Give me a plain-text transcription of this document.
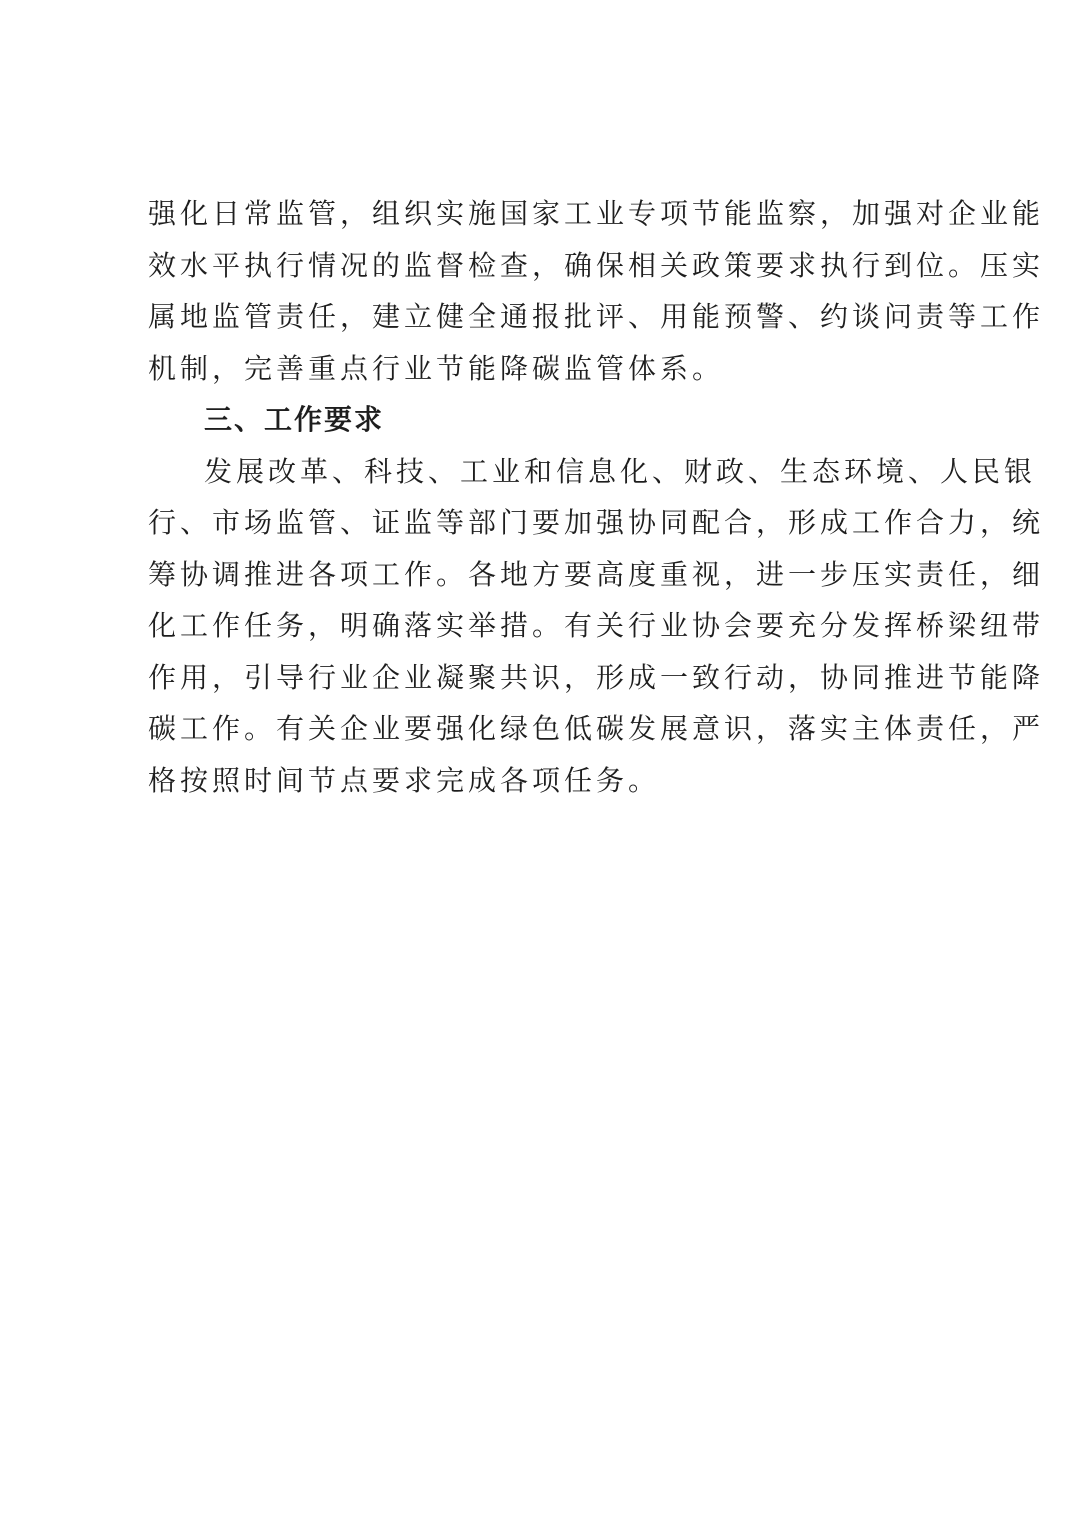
强化日常监管，组织实施国家工业专项节能监察，加强对企业能
效水平执行情况的监督检查，确保相关政策要求执行到位。压实
属地监管责任，建立健全通报批评、用能预警、约谈问责等工作
机制，完善重点行业节能降碳监管体系。

三、工作要求

发展改革、科技、工业和信息化、财政、生态环境、人民银
行、市场监管、证监等部门要加强协同配合，形成工作合力，统
筹协调推进各项工作。各地方要高度重视，进一步压实责任，细
化工作任务，明确落实举措。有关行业协会要充分发挥桥梁纽带
作用，引导行业企业凝聚共识，形成一致行动，协同推进节能降
碳工作。有关企业要强化绿色低碳发展意识，落实主体责任，严
格按照时间节点要求完成各项任务。
